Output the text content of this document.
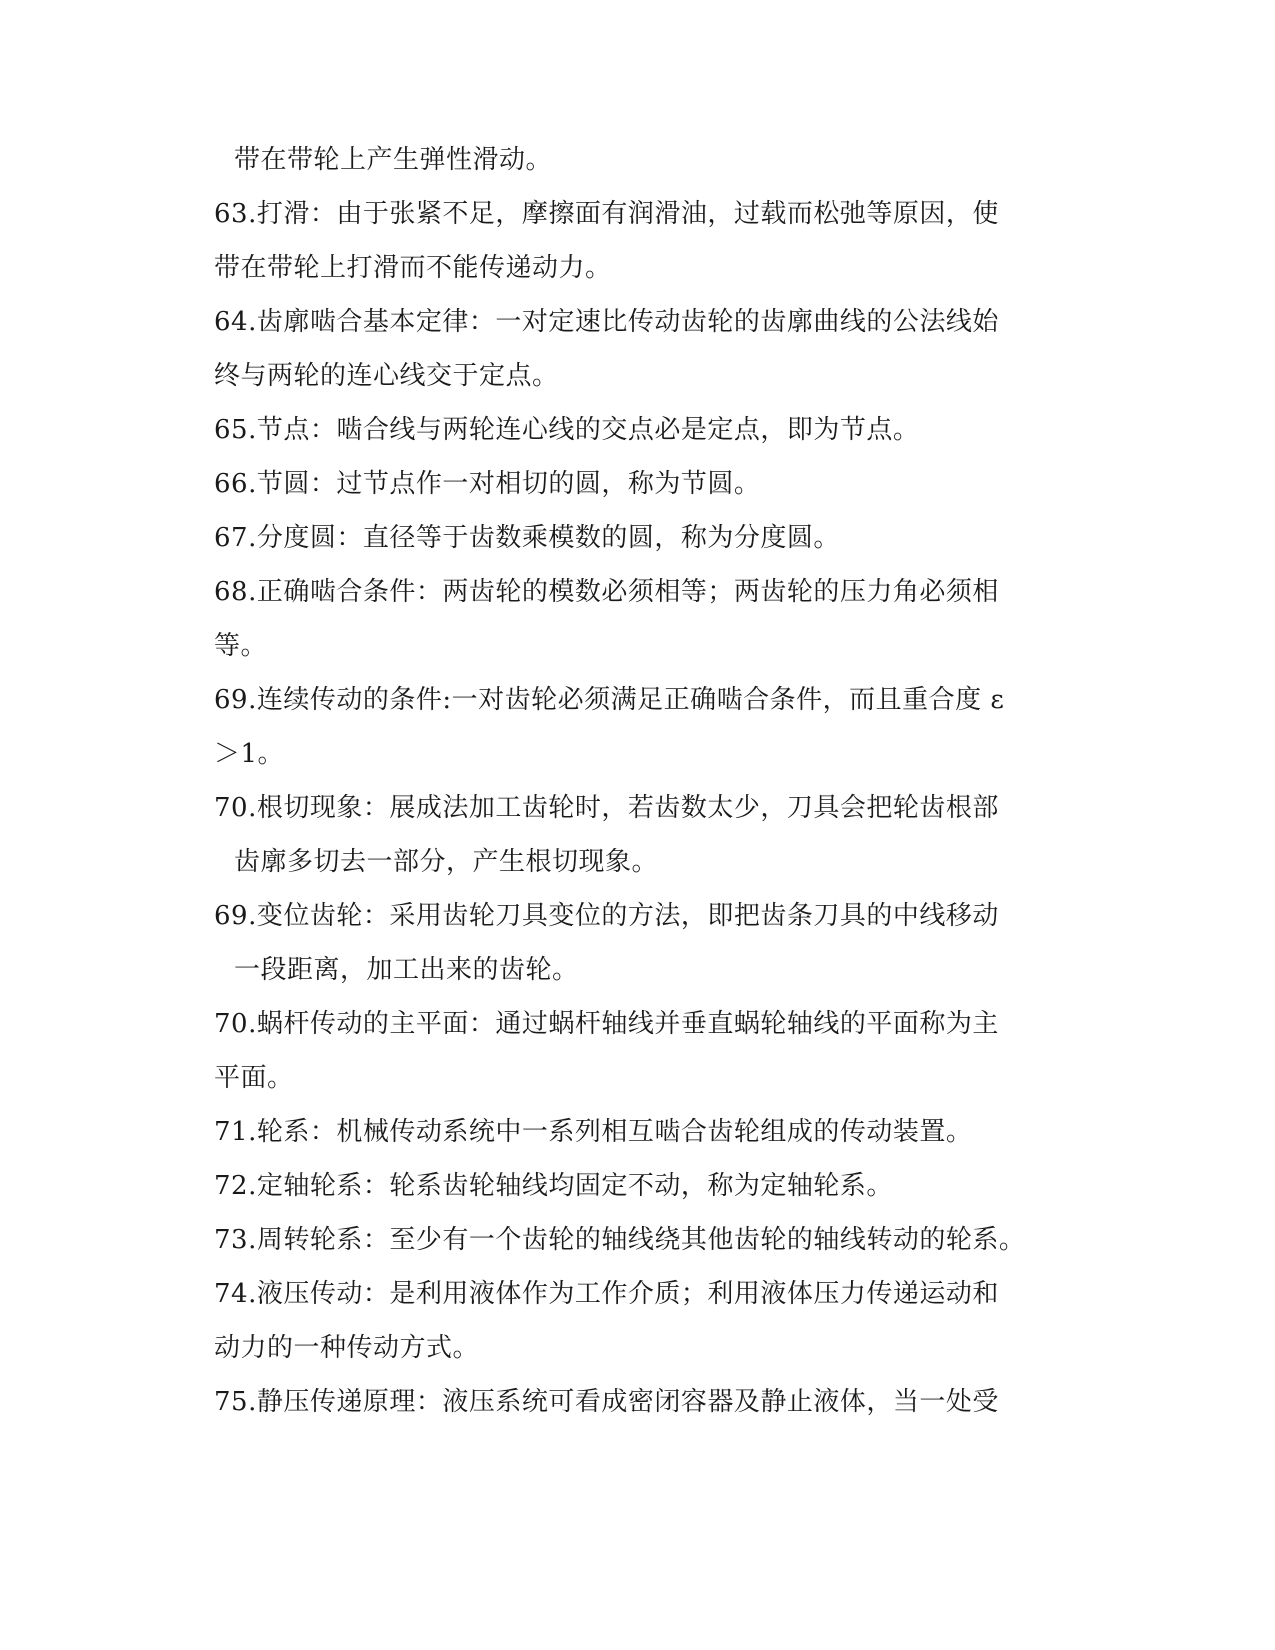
带在带轮上产生弹性滑动。
63.打滑：由于张紧不足，摩擦面有润滑油，过载而松弛等原因，使
带在带轮上打滑而不能传递动力。
64.齿廓啮合基本定律：一对定速比传动齿轮的齿廓曲线的公法线始
终与两轮的连心线交于定点。
65.节点：啮合线与两轮连心线的交点必是定点，即为节点。
66.节圆：过节点作一对相切的圆，称为节圆。
67.分度圆：直径等于齿数乘模数的圆，称为分度圆。
68.正确啮合条件：两齿轮的模数必须相等；两齿轮的压力角必须相
等。
69.连续传动的条件:一对齿轮必须满足正确啮合条件，而且重合度 ε
＞1。
70.根切现象：展成法加工齿轮时，若齿数太少，刀具会把轮齿根部
齿廓多切去一部分，产生根切现象。
69.变位齿轮：采用齿轮刀具变位的方法，即把齿条刀具的中线移动
一段距离，加工出来的齿轮。
70.蜗杆传动的主平面：通过蜗杆轴线并垂直蜗轮轴线的平面称为主
平面。
71.轮系：机械传动系统中一系列相互啮合齿轮组成的传动装置。
72.定轴轮系：轮系齿轮轴线均固定不动，称为定轴轮系。
73.周转轮系：至少有一个齿轮的轴线绕其他齿轮的轴线转动的轮系。
74.液压传动：是利用液体作为工作介质；利用液体压力传递运动和
动力的一种传动方式。
75.静压传递原理：液压系统可看成密闭容器及静止液体，当一处受
